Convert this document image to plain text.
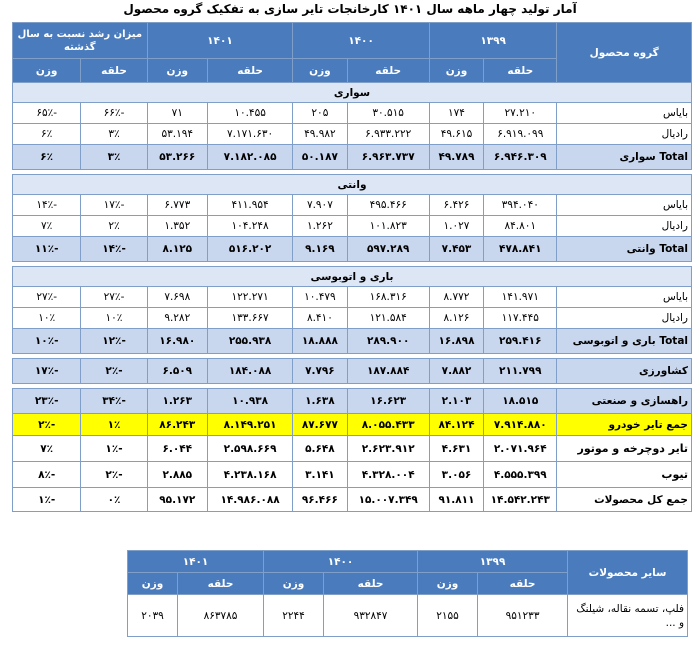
آمار تولید چهار ماهه سال ۱۴۰۱ کارخانجات تایر سازی به تفکیک گروه محصول
گروه محصول	۱۳۹۹		۱۴۰۰		۱۴۰۱		میزان رشد نسبت به سال گذشته	
	حلقه	وزن	حلقه	وزن	حلقه	وزن	حلقه	وزن
سواری								
بایاس	۲۷.۲۱۰	۱۷۴	۳۰.۵۱۵	۲۰۵	۱۰.۴۵۵	۷۱	-۶۶٪	-۶۵٪
رادیال	۶.۹۱۹.۰۹۹	۴۹.۶۱۵	۶.۹۳۳.۲۲۲	۴۹.۹۸۲	۷.۱۷۱.۶۳۰	۵۳.۱۹۴	۳٪	۶٪
Total سواری	۶.۹۴۶.۳۰۹	۴۹.۷۸۹	۶.۹۶۳.۷۳۷	۵۰.۱۸۷	۷.۱۸۲.۰۸۵	۵۳.۲۶۶	۳٪	۶٪

وانتی								
بایاس	۳۹۴.۰۴۰	۶.۴۲۶	۴۹۵.۴۶۶	۷.۹۰۷	۴۱۱.۹۵۴	۶.۷۷۳	-۱۷٪	-۱۴٪
رادیال	۸۴.۸۰۱	۱.۰۲۷	۱۰۱.۸۲۳	۱.۲۶۲	۱۰۴.۲۴۸	۱.۳۵۲	۲٪	۷٪
Total وانتی	۴۷۸.۸۴۱	۷.۴۵۳	۵۹۷.۲۸۹	۹.۱۶۹	۵۱۶.۲۰۲	۸.۱۲۵	-۱۴٪	-۱۱٪

باری و اتوبوسی								
بایاس	۱۴۱.۹۷۱	۸.۷۷۲	۱۶۸.۳۱۶	۱۰.۴۷۹	۱۲۲.۲۷۱	۷.۶۹۸	-۲۷٪	-۲۷٪
رادیال	۱۱۷.۴۴۵	۸.۱۲۶	۱۲۱.۵۸۴	۸.۴۱۰	۱۳۳.۶۶۷	۹.۲۸۲	۱۰٪	۱۰٪
Total باری و اتوبوسی	۲۵۹.۴۱۶	۱۶.۸۹۸	۲۸۹.۹۰۰	۱۸.۸۸۸	۲۵۵.۹۳۸	۱۶.۹۸۰	-۱۲٪	-۱۰٪

کشاورزی	۲۱۱.۷۹۹	۷.۸۸۲	۱۸۷.۸۸۴	۷.۷۹۶	۱۸۴.۰۸۸	۶.۵۰۹	-۲٪	-۱۷٪

راهسازی و صنعتی	۱۸.۵۱۵	۲.۱۰۳	۱۶.۶۲۳	۱.۶۳۸	۱۰.۹۳۸	۱.۲۶۳	-۳۴٪	-۲۳٪
جمع تایر خودرو	۷.۹۱۴.۸۸۰	۸۴.۱۲۴	۸.۰۵۵.۴۳۳	۸۷.۶۷۷	۸.۱۴۹.۲۵۱	۸۶.۲۴۳	۱٪	-۲٪
تایر دوچرخه و موتور	۲.۰۷۱.۹۶۴	۴.۶۳۱	۲.۶۲۳.۹۱۲	۵.۶۴۸	۲.۵۹۸.۶۶۹	۶.۰۴۴	-۱٪	۷٪
تیوب	۴.۵۵۵.۳۹۹	۳.۰۵۶	۴.۳۲۸.۰۰۴	۳.۱۴۱	۴.۲۳۸.۱۶۸	۲.۸۸۵	-۲٪	-۸٪
جمع کل محصولات	۱۴.۵۴۲.۲۴۳	۹۱.۸۱۱	۱۵.۰۰۷.۳۴۹	۹۶.۴۶۶	۱۴.۹۸۶.۰۸۸	۹۵.۱۷۲	۰٪	-۱٪
سایر محصولات	۱۳۹۹		۱۴۰۰		۱۴۰۱	
	حلقه	وزن	حلقه	وزن	حلقه	وزن
فلپ، تسمه نقاله، شیلنگ و ...	۹۵۱۲۳۳	۲۱۵۵	۹۳۲۸۴۷	۲۲۴۴	۸۶۳۷۸۵	۲۰۳۹
